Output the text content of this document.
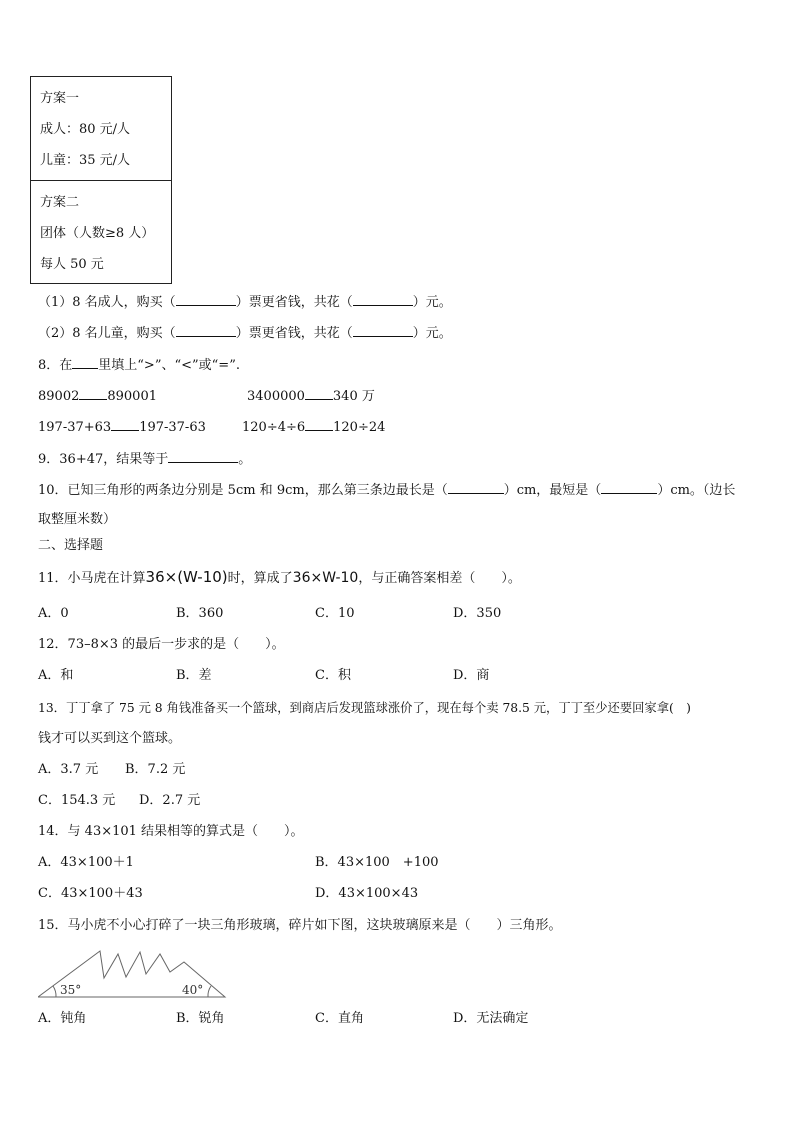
方案一
成人：80 元/人
儿童：35 元/人
方案二
团体（人数≥8 人）
每人 50 元
（1）8 名成人，购买（	）票更省钱，共花（	）元。
（2）8 名儿童，购买（	）票更省钱，共花（	）元。
8．在 里填上“>”、“<”或“=”.
89002 890001	3400000 340 万
197-37+63 197-37-63	120÷4÷6 120÷24
9．36+47，结果等于	。
10．已知三角形的两条边分别是 5cm 和 9cm，那么第三条边最长是（	）cm，最短是（	）cm。（边长
取整厘米数）
二、选择题
11．小马虎在计算36×(W-10)时，算成了36×W-10，与正确答案相差（　　）。
A．0	B．360	C．10	D．350
12．73–8×3 的最后一步求的是（　　）。
A．和	B．差	C．积	D．商
13．丁丁拿了 75 元 8 角钱准备买一个篮球，到商店后发现篮球涨价了，现在每个卖 78.5 元，丁丁至少还要回家拿(　)
钱才可以买到这个篮球。
A．3.7 元 B．7.2 元
C．154.3 元 D．2.7 元
14．与 43×101 结果相等的算式是（　　）。
A．43×100＋1	B．43×100　+100
C．43×100＋43	D．43×100×43
15．马小虎不小心打碎了一块三角形玻璃，碎片如下图，这块玻璃原来是（　　）三角形。
35°	40°
A．钝角	B．锐角	C．直角	D．无法确定
